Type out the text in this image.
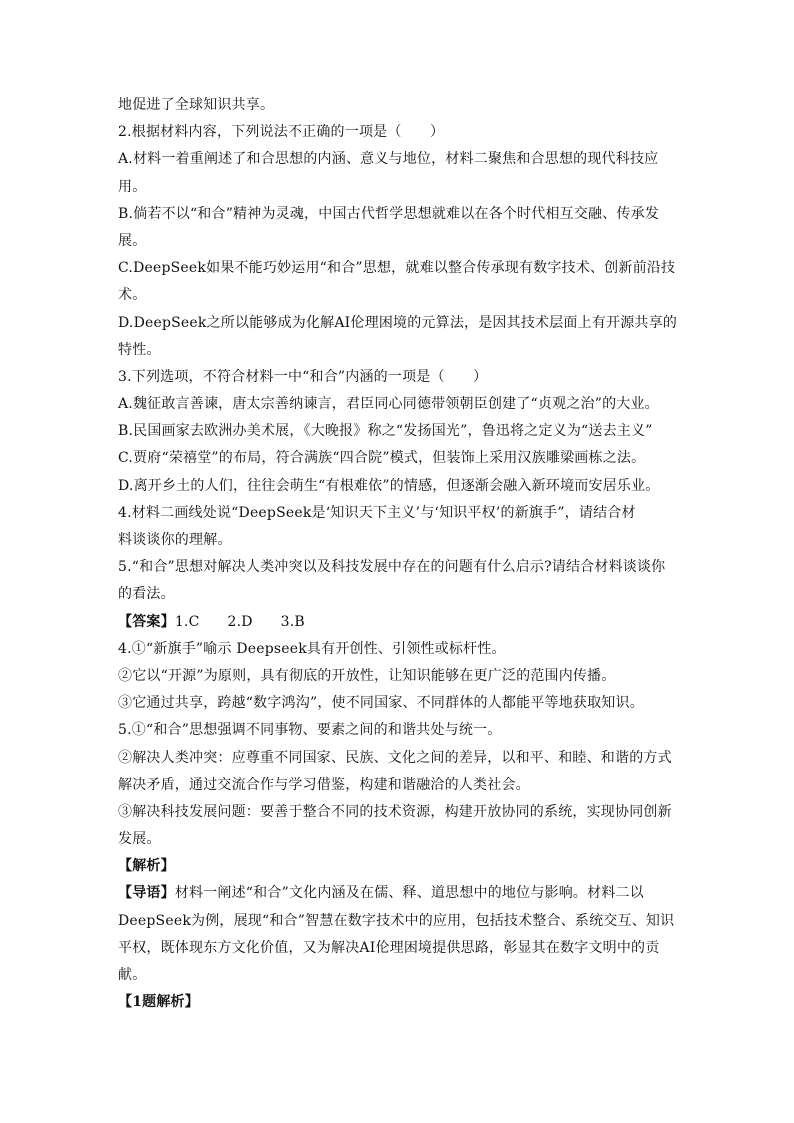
地促进了全球知识共享。
2.根据材料内容，下列说法不正确的一项是（　　）
A.材料一着重阐述了和合思想的内涵、意义与地位，材料二聚焦和合思想的现代科技应
用。
B.倘若不以“和合”精神为灵魂，中国古代哲学思想就难以在各个时代相互交融、传承发
展。
C.DeepSeek如果不能巧妙运用“和合”思想，就难以整合传承现有数字技术、创新前沿技
术。
D.DeepSeek之所以能够成为化解AI伦理困境的元算法，是因其技术层面上有开源共享的
特性。
3.下列选项，不符合材料一中“和合”内涵的一项是（　　）
A.魏征敢言善谏，唐太宗善纳谏言，君臣同心同德带领朝臣创建了“贞观之治”的大业。
B.民国画家去欧洲办美术展，《大晚报》称之“发扬国光”，鲁迅将之定义为“送去主义”
C.贾府“荣禧堂”的布局，符合满族“四合院”模式，但装饰上采用汉族雕梁画栋之法。
D.离开乡土的人们，往往会萌生“有根难依”的情感，但逐渐会融入新环境而安居乐业。
4.材料二画线处说“DeepSeek是‘知识天下主义’与‘知识平权’的新旗手”，请结合材
料谈谈你的理解。
5.“和合”思想对解决人类冲突以及科技发展中存在的问题有什么启示?请结合材料谈谈你
的看法。
【答案】1.C 2.D 3.B
4.①“新旗手”喻示 Deepseek具有开创性、引领性或标杆性。
②它以“开源”为原则，具有彻底的开放性，让知识能够在更广泛的范围内传播。
③它通过共享，跨越“数字鸿沟”，使不同国家、不同群体的人都能平等地获取知识。
5.①“和合”思想强调不同事物、要素之间的和谐共处与统一。
②解决人类冲突：应尊重不同国家、民族、文化之间的差异，以和平、和睦、和谐的方式
解决矛盾，通过交流合作与学习借鉴，构建和谐融洽的人类社会。
③解决科技发展问题：要善于整合不同的技术资源，构建开放协同的系统，实现协同创新
发展。
【解析】
【导语】材料一阐述“和合”文化内涵及在儒、释、道思想中的地位与影响。材料二以
DeepSeek为例，展现“和合”智慧在数字技术中的应用，包括技术整合、系统交互、知识
平权，既体现东方文化价值，又为解决AI伦理困境提供思路，彰显其在数字文明中的贡
献。
【1题解析】
